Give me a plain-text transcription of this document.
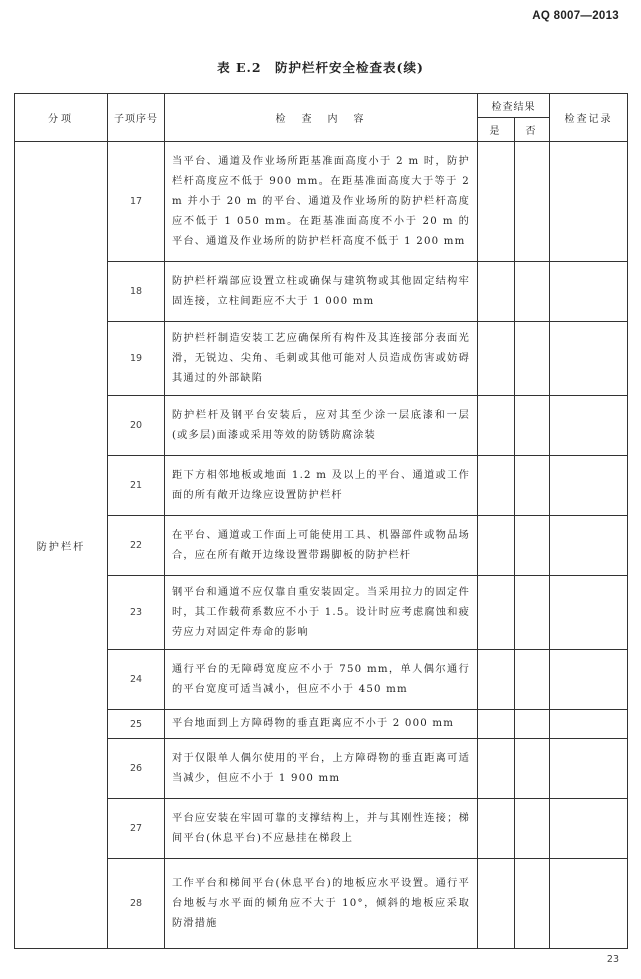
AQ 8007—2013
表 E.2　防护栏杆安全检查表(续)
分项	子项序号	检　查　内　容	检查结果		检查记录
			是	否	
防护栏杆	17	当平台、通道及作业场所距基准面高度小于 2 m 时，防护栏杆高度应不低于 900 mm。在距基准面高度大于等于 2 m 并小于 20 m 的平台、通道及作业场所的防护栏杆高度应不低于 1 050 mm。在距基准面高度不小于 20 m 的平台、通道及作业场所的防护栏杆高度不低于 1 200 mm			
	18	防护栏杆端部应设置立柱或确保与建筑物或其他固定结构牢固连接，立柱间距应不大于 1 000 mm			
	19	防护栏杆制造安装工艺应确保所有构件及其连接部分表面光滑，无锐边、尖角、毛刺或其他可能对人员造成伤害或妨碍其通过的外部缺陷			
	20	防护栏杆及钢平台安装后，应对其至少涂一层底漆和一层(或多层)面漆或采用等效的防锈防腐涂装			
	21	距下方相邻地板或地面 1.2 m 及以上的平台、通道或工作面的所有敞开边缘应设置防护栏杆			
	22	在平台、通道或工作面上可能使用工具、机器部件或物品场合，应在所有敞开边缘设置带踢脚板的防护栏杆			
	23	钢平台和通道不应仅靠自重安装固定。当采用拉力的固定件时，其工作载荷系数应不小于 1.5。设计时应考虑腐蚀和疲劳应力对固定件寿命的影响			
	24	通行平台的无障碍宽度应不小于 750 mm，单人偶尔通行的平台宽度可适当减小，但应不小于 450 mm			
	25	平台地面到上方障碍物的垂直距离应不小于 2 000 mm			
	26	对于仅限单人偶尔使用的平台，上方障碍物的垂直距离可适当减少，但应不小于 1 900 mm			
	27	平台应安装在牢固可靠的支撑结构上，并与其刚性连接；梯间平台(休息平台)不应悬挂在梯段上			
	28	工作平台和梯间平台(休息平台)的地板应水平设置。通行平台地板与水平面的倾角应不大于 10°，倾斜的地板应采取防滑措施			
23
